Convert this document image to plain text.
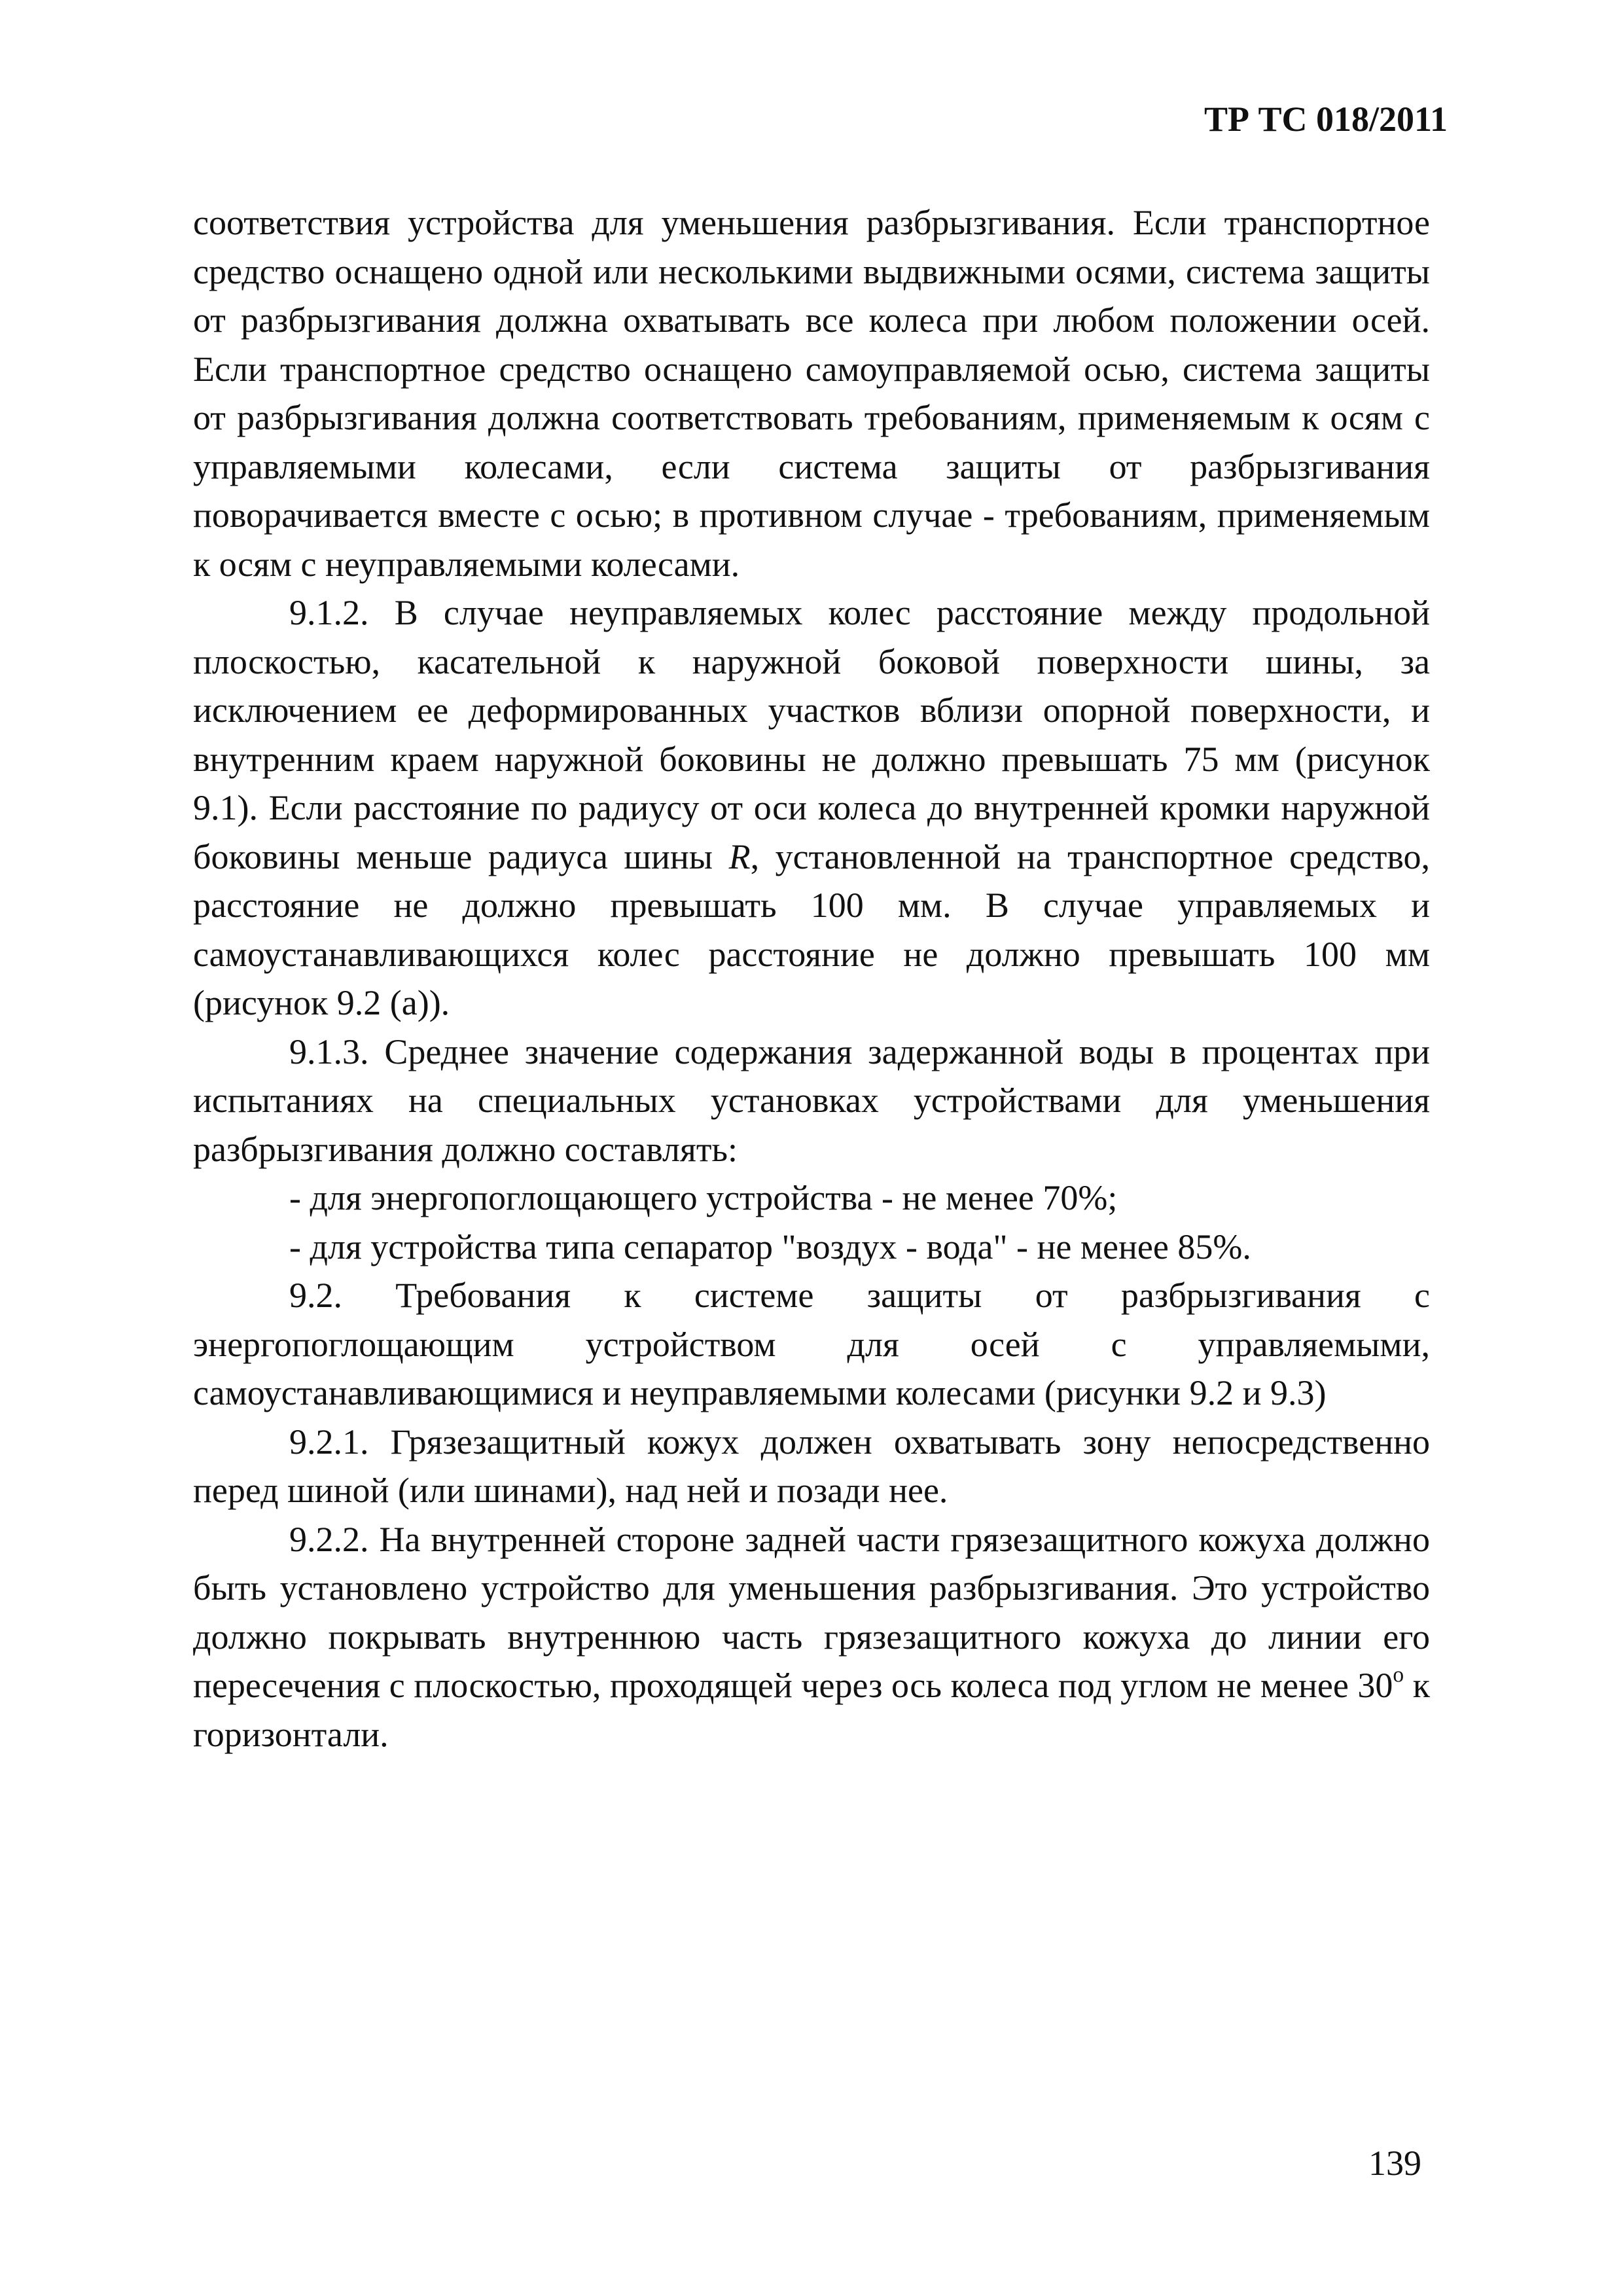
ТР ТС 018/2011

соответствия устройства для уменьшения разбрызгивания. Если транспортное средство оснащено одной или несколькими выдвижными осями, система защиты от разбрызгивания должна охватывать все колеса при любом положении осей. Если транспортное средство оснащено самоуправляемой осью, система защиты от разбрызгивания должна соответствовать требованиям, применяемым к осям с управляемыми колесами, если система защиты от разбрызгивания поворачивается вместе с осью; в противном случае - требованиям, применяемым к осям с неуправляемыми колесами.

9.1.2. В случае неуправляемых колес расстояние между продольной плоскостью, касательной к наружной боковой поверхности шины, за исключением ее деформированных участков вблизи опорной поверхности, и внутренним краем наружной боковины не должно превышать 75 мм (рисунок 9.1). Если расстояние по радиусу от оси колеса до внутренней кромки наружной боковины меньше радиуса шины R, установленной на транспортное средство, расстояние не должно превышать 100 мм. В случае управляемых и самоустанавливающихся колес расстояние не должно превышать 100 мм (рисунок 9.2 (а)).

9.1.3. Среднее значение содержания задержанной воды в процентах при испытаниях на специальных установках устройствами для уменьшения разбрызгивания должно составлять:

- для энергопоглощающего устройства - не менее 70%;

- для устройства типа сепаратор "воздух - вода" - не менее 85%.

9.2. Требования к системе защиты от разбрызгивания с энергопоглощающим устройством для осей с управляемыми, самоустанавливающимися и неуправляемыми колесами (рисунки 9.2 и 9.3)

9.2.1. Грязезащитный кожух должен охватывать зону непосредственно перед шиной (или шинами), над ней и позади нее.

9.2.2. На внутренней стороне задней части грязезащитного кожуха должно быть установлено устройство для уменьшения разбрызгивания. Это устройство должно покрывать внутреннюю часть грязезащитного кожуха до линии его пересечения с плоскостью, проходящей через ось колеса под углом не менее 30$^o$ к горизонтали.

139
